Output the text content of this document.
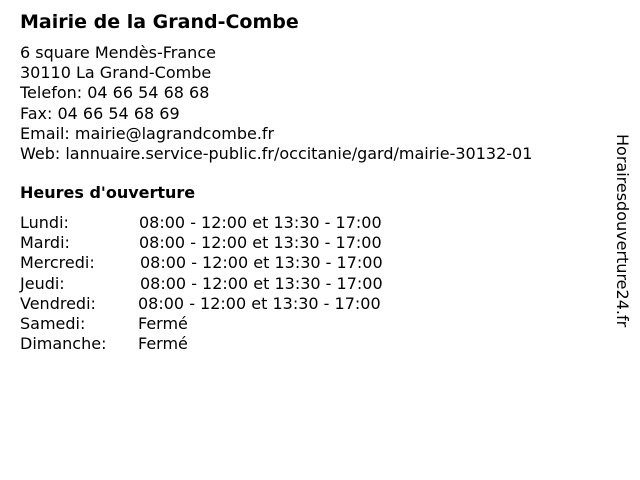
Mairie de la Grand-Combe
6 square Mendès-France
30110 La Grand-Combe
Telefon: 04 66 54 68 68
Fax: 04 66 54 68 69
Email: mairie@lagrandcombe.fr
Web: lannuaire.service-public.fr/occitanie/gard/mairie-30132-01
Heures d'ouverture
Lundi:	08:00 - 12:00 et 13:30 - 17:00
Mardi:	08:00 - 12:00 et 13:30 - 17:00
Mercredi:	08:00 - 12:00 et 13:30 - 17:00
Jeudi:	08:00 - 12:00 et 13:30 - 17:00
Vendredi:	08:00 - 12:00 et 13:30 - 17:00
Samedi:	Fermé
Dimanche: Fermé
Horairesdouverture24.fr
